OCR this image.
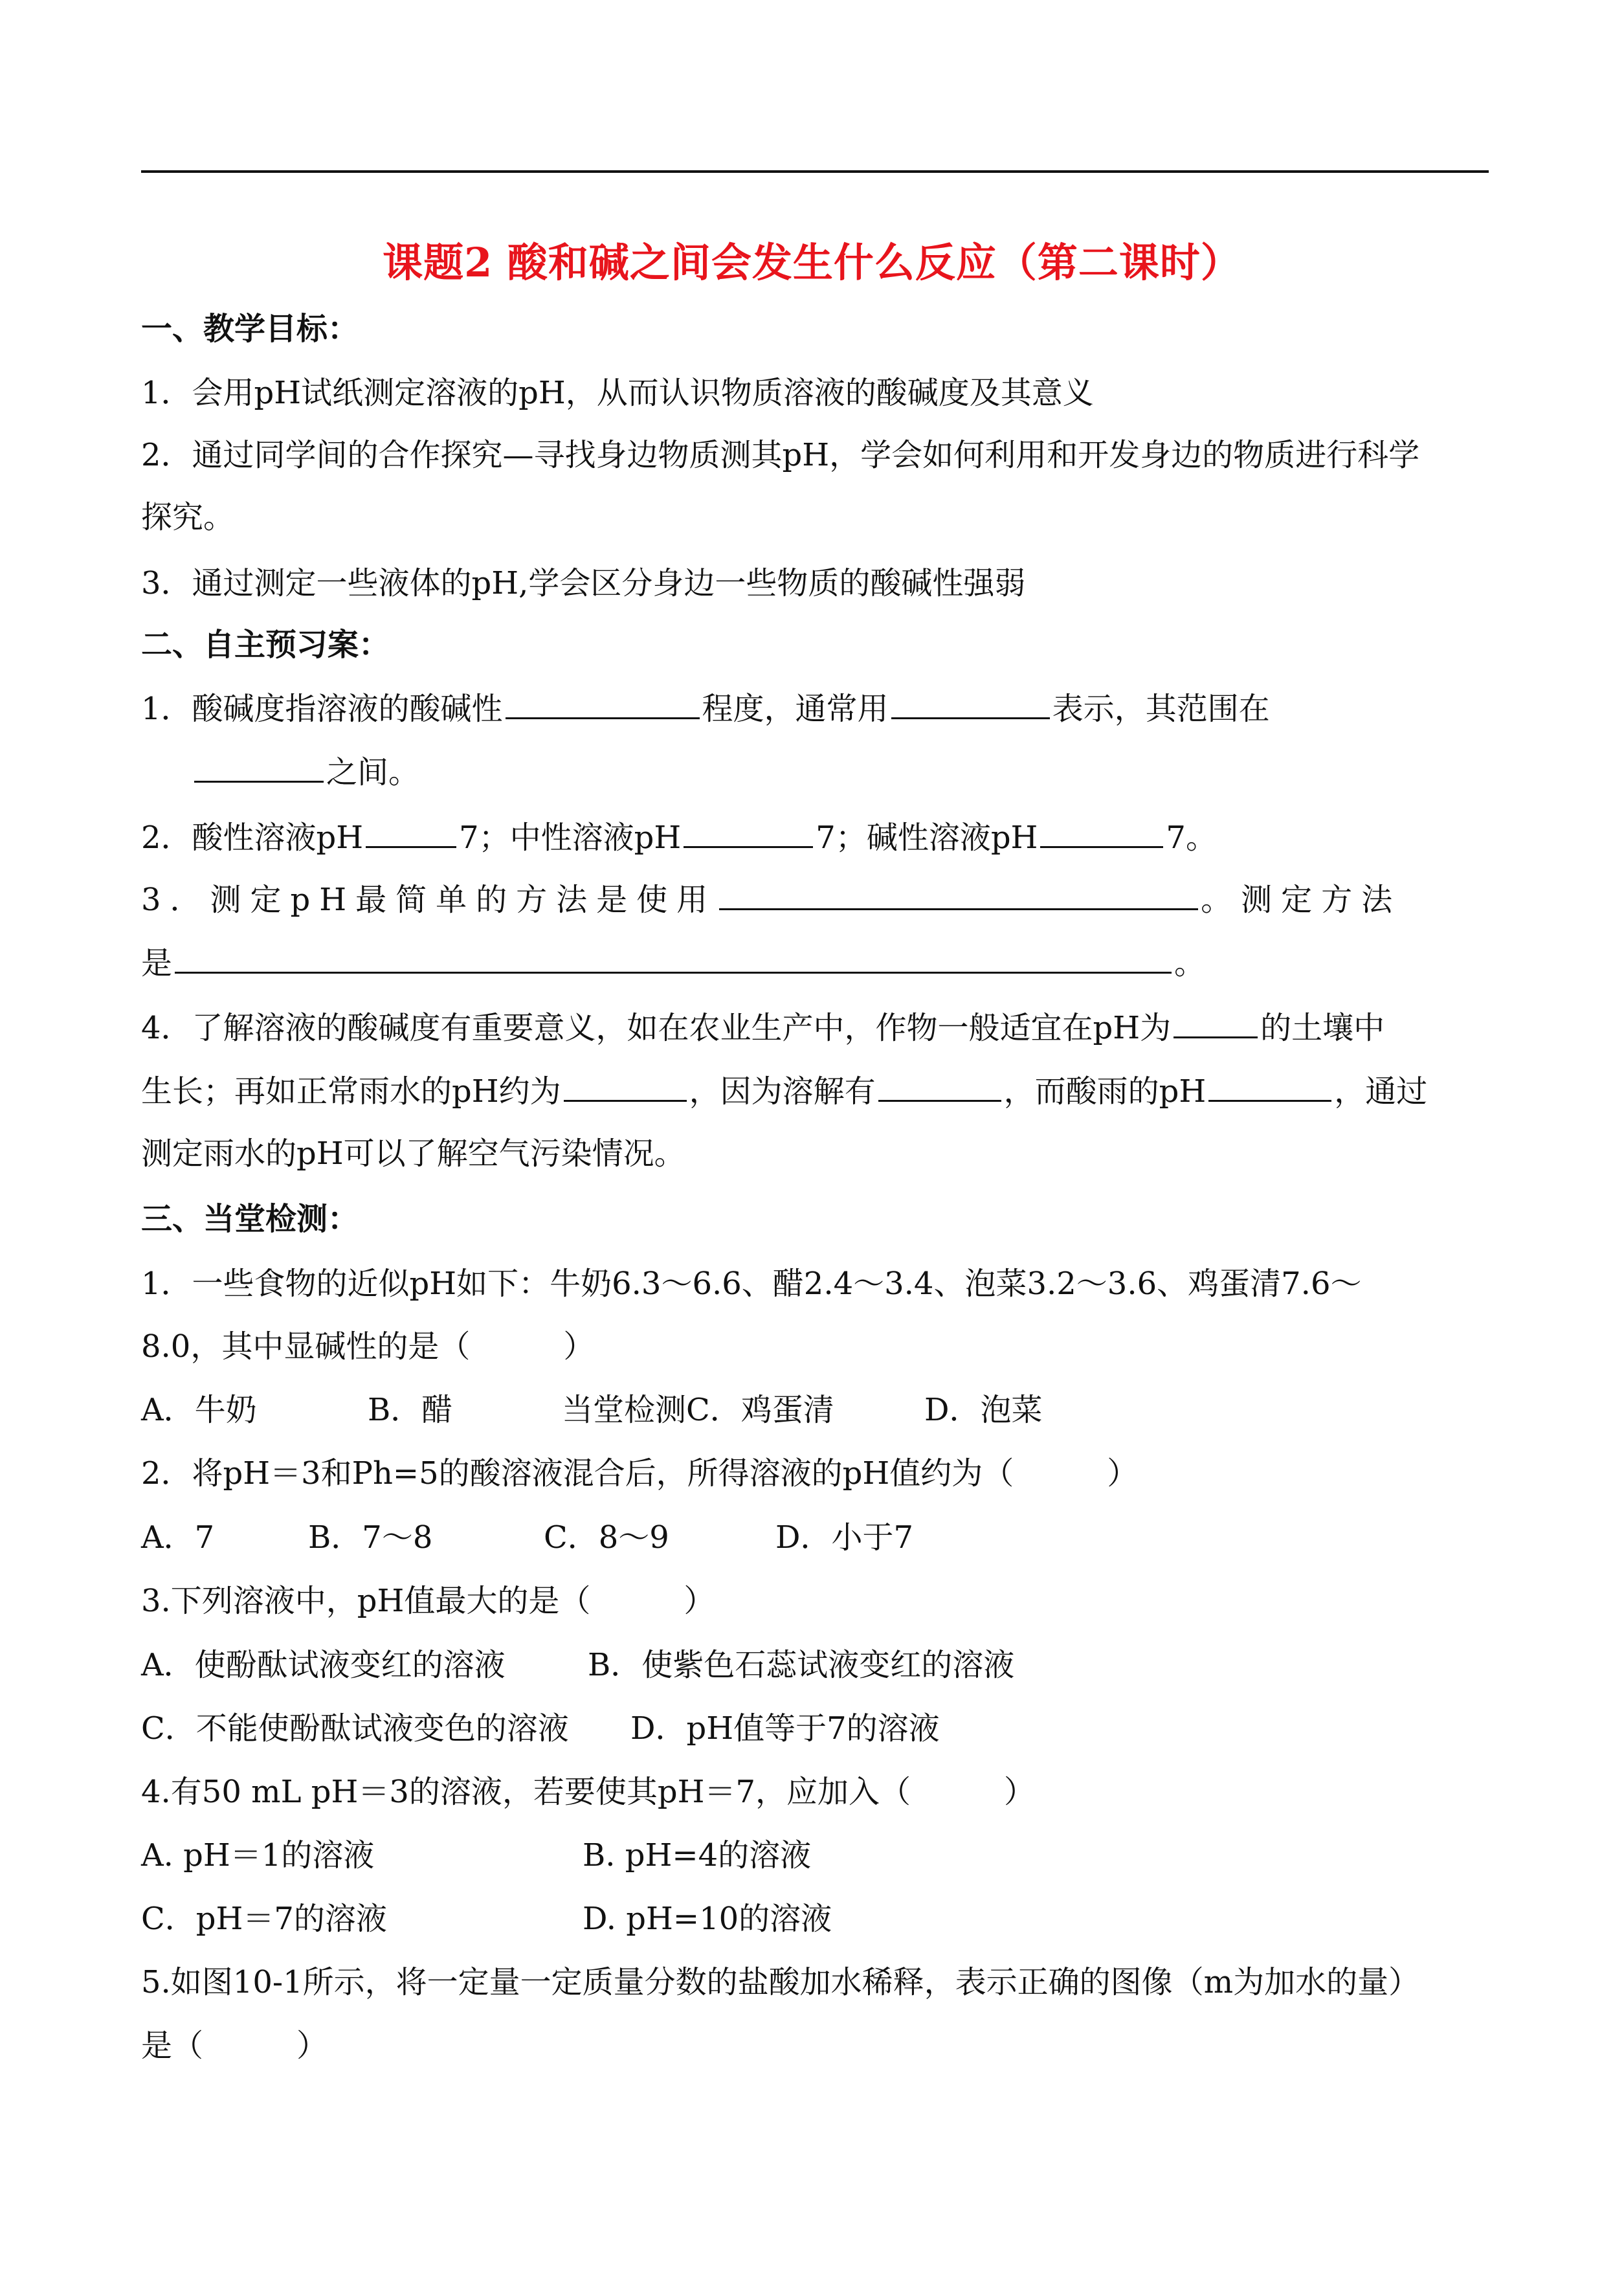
课题2 酸和碱之间会发生什么反应（第二课时）
一、教学目标：
1．会用pH试纸测定溶液的pH，从而认识物质溶液的酸碱度及其意义
2．通过同学间的合作探究—寻找身边物质测其pH，学会如何利用和开发身边的物质进行科学
探究。
3．通过测定一些液体的pH,学会区分身边一些物质的酸碱性强弱
二、自主预习案：
1．酸碱度指溶液的酸碱性	程度，通常用	表示，其范围在
之间。
2．酸性溶液pH	7；中性溶液pH	7；碱性溶液pH	7。
3．测定pH最简单的方法是使用	。测定方法
是	。
4．了解溶液的酸碱度有重要意义，如在农业生产中，作物一般适宜在pH为	的土壤中
生长；再如正常雨水的pH约为	，因为溶解有	，而酸雨的pH	，通过
测定雨水的pH可以了解空气污染情况。
三、当堂检测：
1．一些食物的近似pH如下：牛奶6.3～6.6、醋2.4～3.4、泡菜3.2～3.6、鸡蛋清7.6～
8.0，其中显碱性的是（　　　）
A．牛奶	B．醋	当堂检测C．鸡蛋清	D．泡菜
2．将pH＝3和Ph=5的酸溶液混合后，所得溶液的pH值约为（　　　）
A．7	B．7～8	C．8～9	D．小于7
3.下列溶液中，pH值最大的是（　　　）
A．使酚酞试液变红的溶液	B．使紫色石蕊试液变红的溶液
C．不能使酚酞试液变色的溶液 D．pH值等于7的溶液
4.有50 mL pH＝3的溶液，若要使其pH＝7，应加入（　　　）
A. pH＝1的溶液	B. pH=4的溶液
C．pH＝7的溶液	D. pH=10的溶液
5.如图10-1所示，将一定量一定质量分数的盐酸加水稀释，表示正确的图像（m为加水的量）
是（　　　）
